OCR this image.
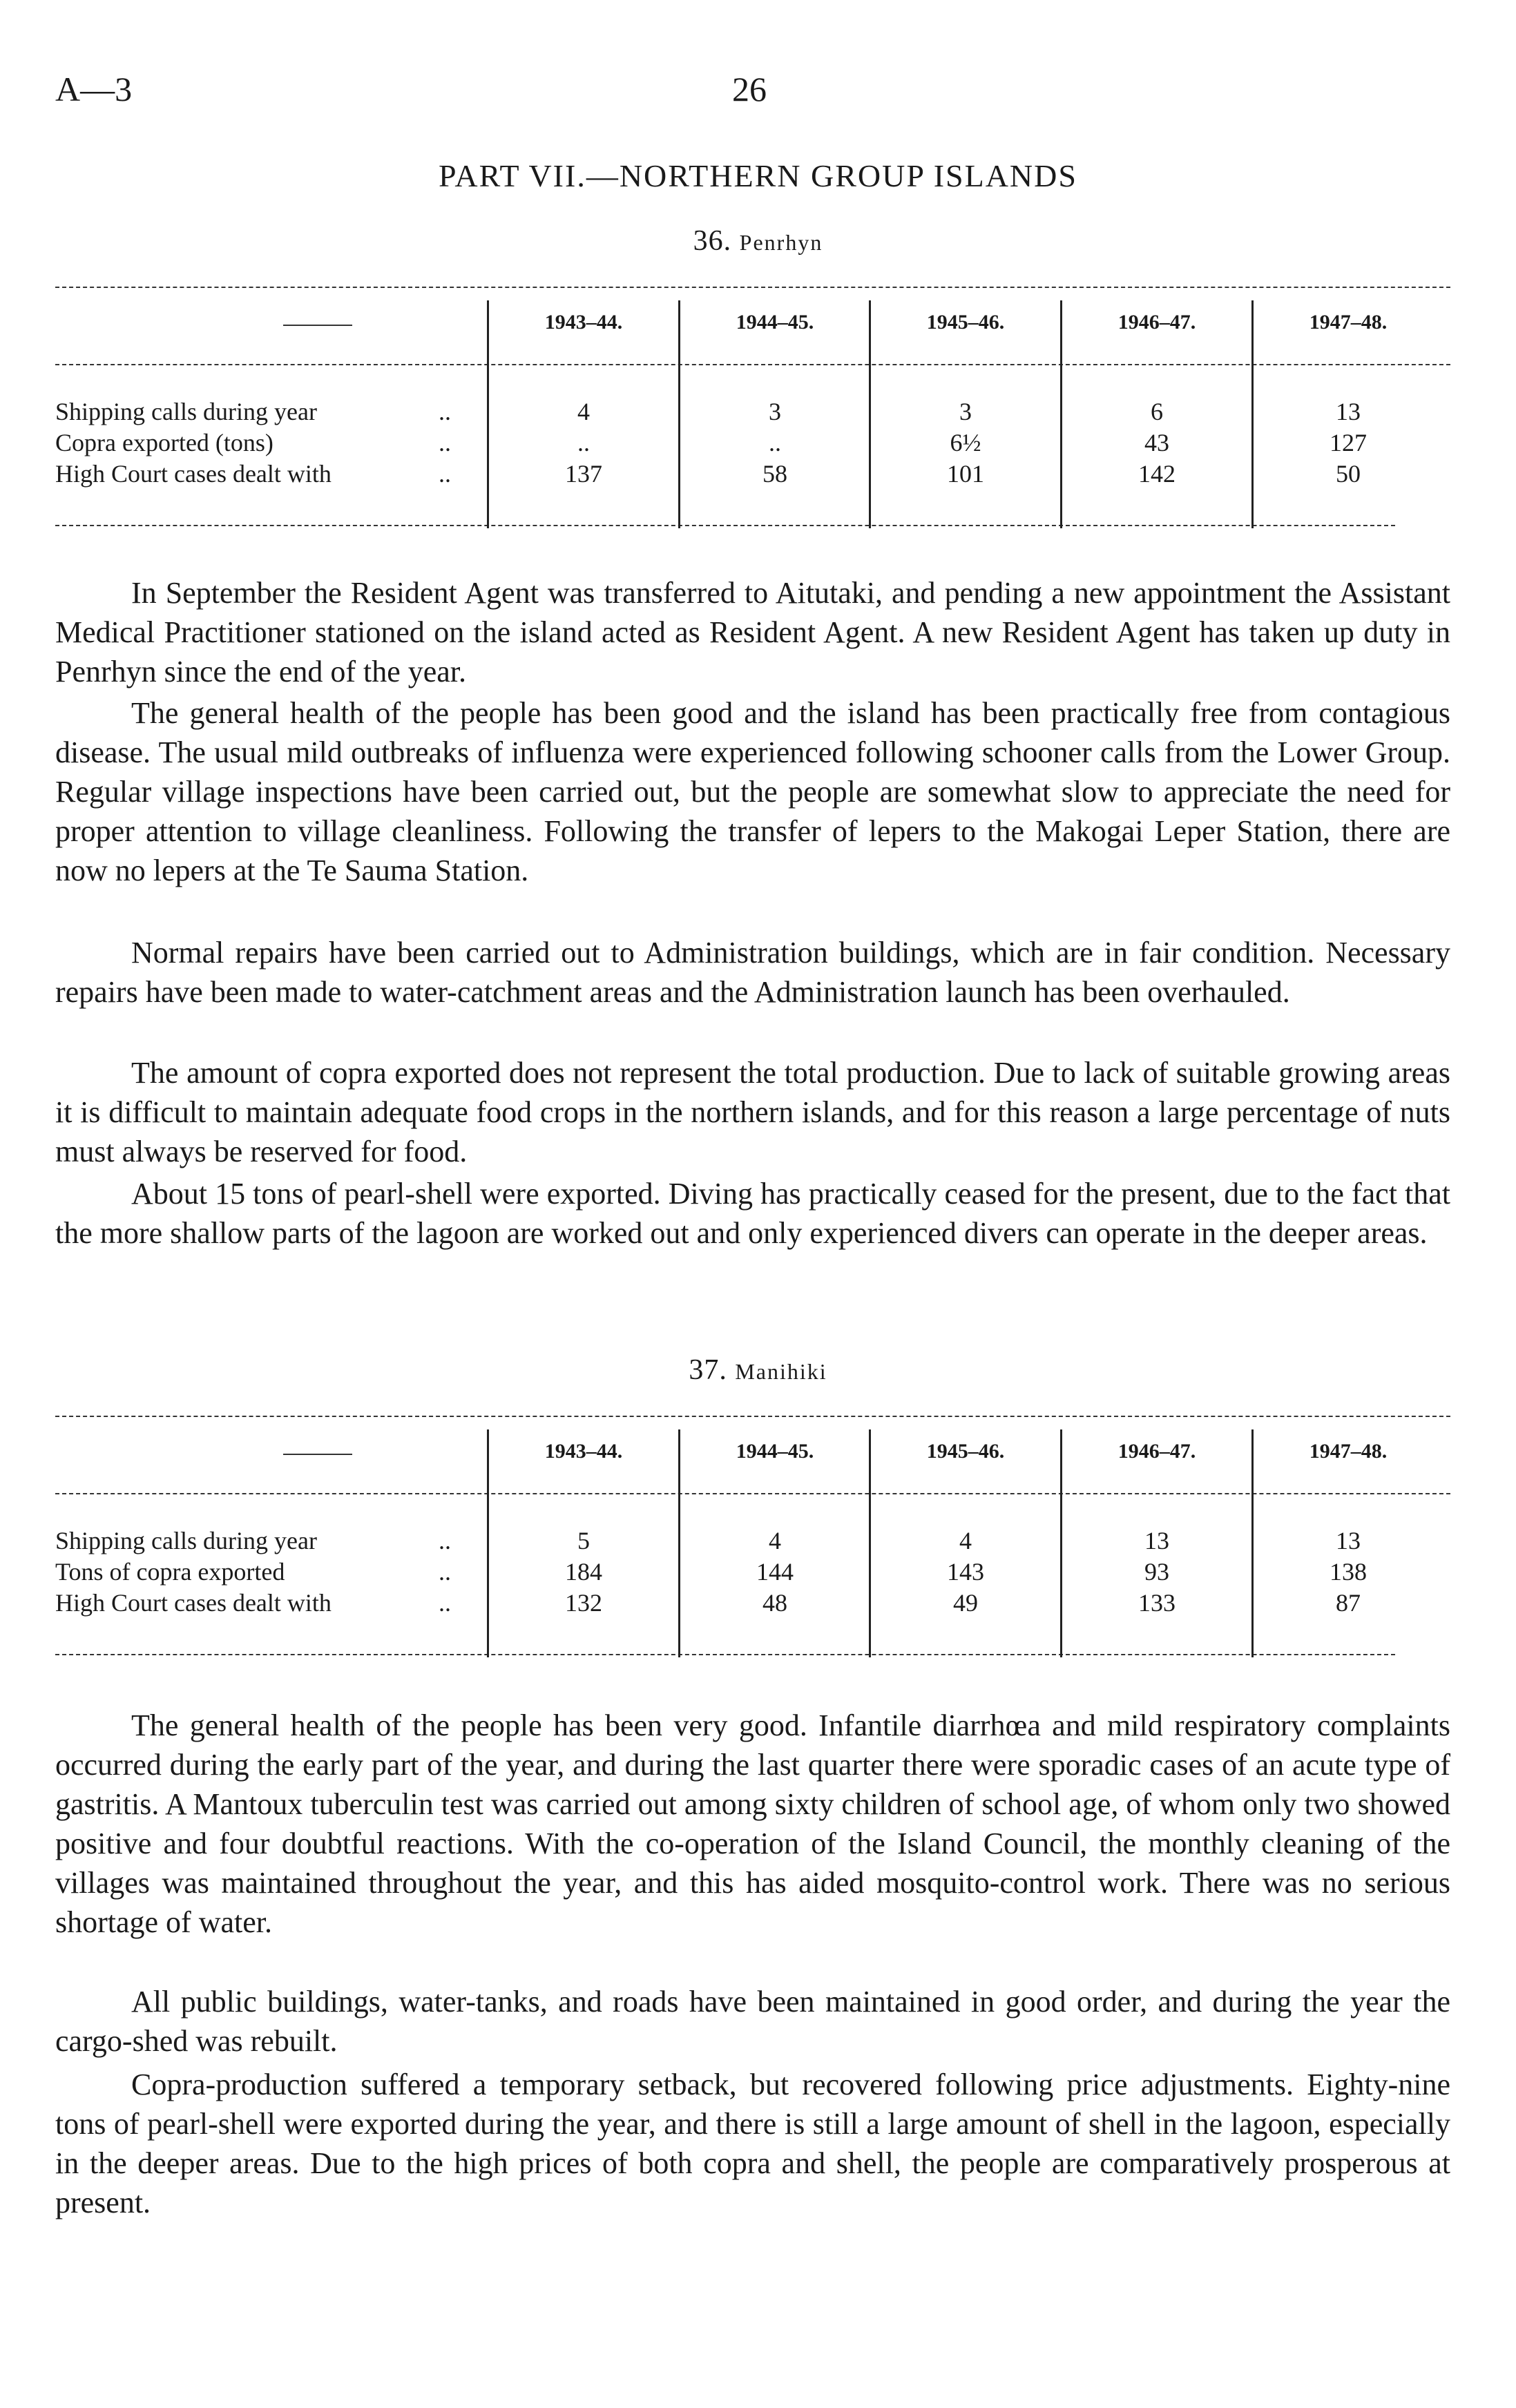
A—3	26
PART VII.—NORTHERN GROUP ISLANDS
36. Penrhyn
1943–44.	1944–45.	1945–46.	1946–47.	1947–48.
Shipping calls during year	..	4	3	3	6	13
Copra exported (tons)	..	..	..	6½	43	127
High Court cases dealt with	..	137	58	101	142	50

In September the Resident Agent was transferred to Aitutaki, and pending a new appointment the Assistant Medical Practitioner stationed on the island acted as Resident Agent. A new Resident Agent has taken up duty in Penrhyn since the end of the year.

The general health of the people has been good and the island has been practically free from contagious disease. The usual mild outbreaks of influenza were experienced following schooner calls from the Lower Group. Regular village inspections have been carried out, but the people are somewhat slow to appreciate the need for proper attention to village cleanliness. Following the transfer of lepers to the Makogai Leper Station, there are now no lepers at the Te Sauma Station.

Normal repairs have been carried out to Administration buildings, which are in fair condition. Necessary repairs have been made to water-catchment areas and the Administration launch has been overhauled.

The amount of copra exported does not represent the total production. Due to lack of suitable growing areas it is difficult to maintain adequate food crops in the northern islands, and for this reason a large percentage of nuts must always be reserved for food.

About 15 tons of pearl-shell were exported. Diving has practically ceased for the present, due to the fact that the more shallow parts of the lagoon are worked out and only experienced divers can operate in the deeper areas.

37. Manihiki
1943–44.	1944–45.	1945–46.	1946–47.	1947–48.
Shipping calls during year	..	5	4	4	13	13
Tons of copra exported	..	184	144	143	93	138
High Court cases dealt with	..	132	48	49	133	87

The general health of the people has been very good. Infantile diarrhœa and mild respiratory complaints occurred during the early part of the year, and during the last quarter there were sporadic cases of an acute type of gastritis. A Mantoux tuberculin test was carried out among sixty children of school age, of whom only two showed positive and four doubtful reactions. With the co-operation of the Island Council, the monthly cleaning of the villages was maintained throughout the year, and this has aided mosquito-control work. There was no serious shortage of water.

All public buildings, water-tanks, and roads have been maintained in good order, and during the year the cargo-shed was rebuilt.

Copra-production suffered a temporary setback, but recovered following price adjustments. Eighty-nine tons of pearl-shell were exported during the year, and there is still a large amount of shell in the lagoon, especially in the deeper areas. Due to the high prices of both copra and shell, the people are comparatively prosperous at present.
